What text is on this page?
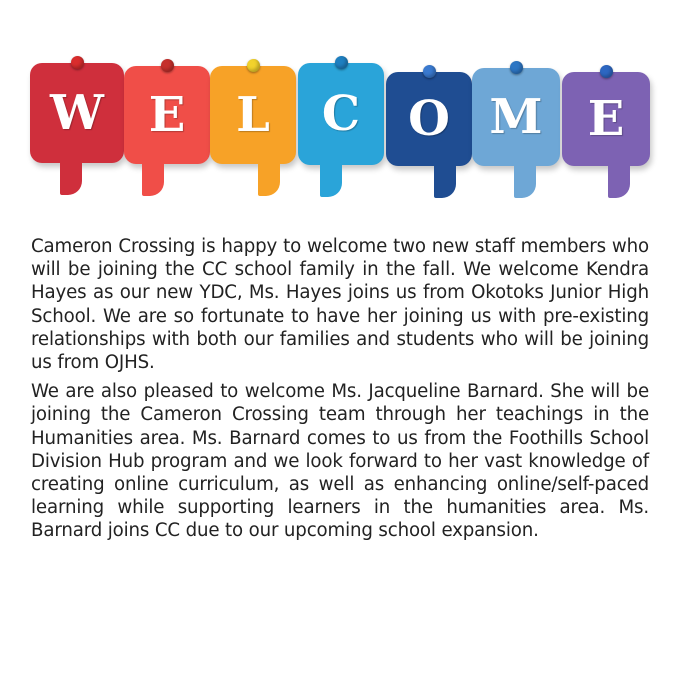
W E L C O M E

Cameron Crossing is happy to welcome two new staff members who will be joining the CC school family in the fall. We welcome Kendra Hayes as our new YDC, Ms. Hayes joins us from Okotoks Junior High School. We are so fortunate to have her joining us with pre-existing relationships with both our families and students who will be joining us from OJHS.

We are also pleased to welcome Ms. Jacqueline Barnard. She will be joining the Cameron Crossing team through her teachings in the Humanities area. Ms. Barnard comes to us from the Foothills School Division Hub program and we look forward to her vast knowledge of creating online curriculum, as well as enhancing online/self-paced learning while supporting learners in the humanities area. Ms. Barnard joins CC due to our upcoming school expansion.
